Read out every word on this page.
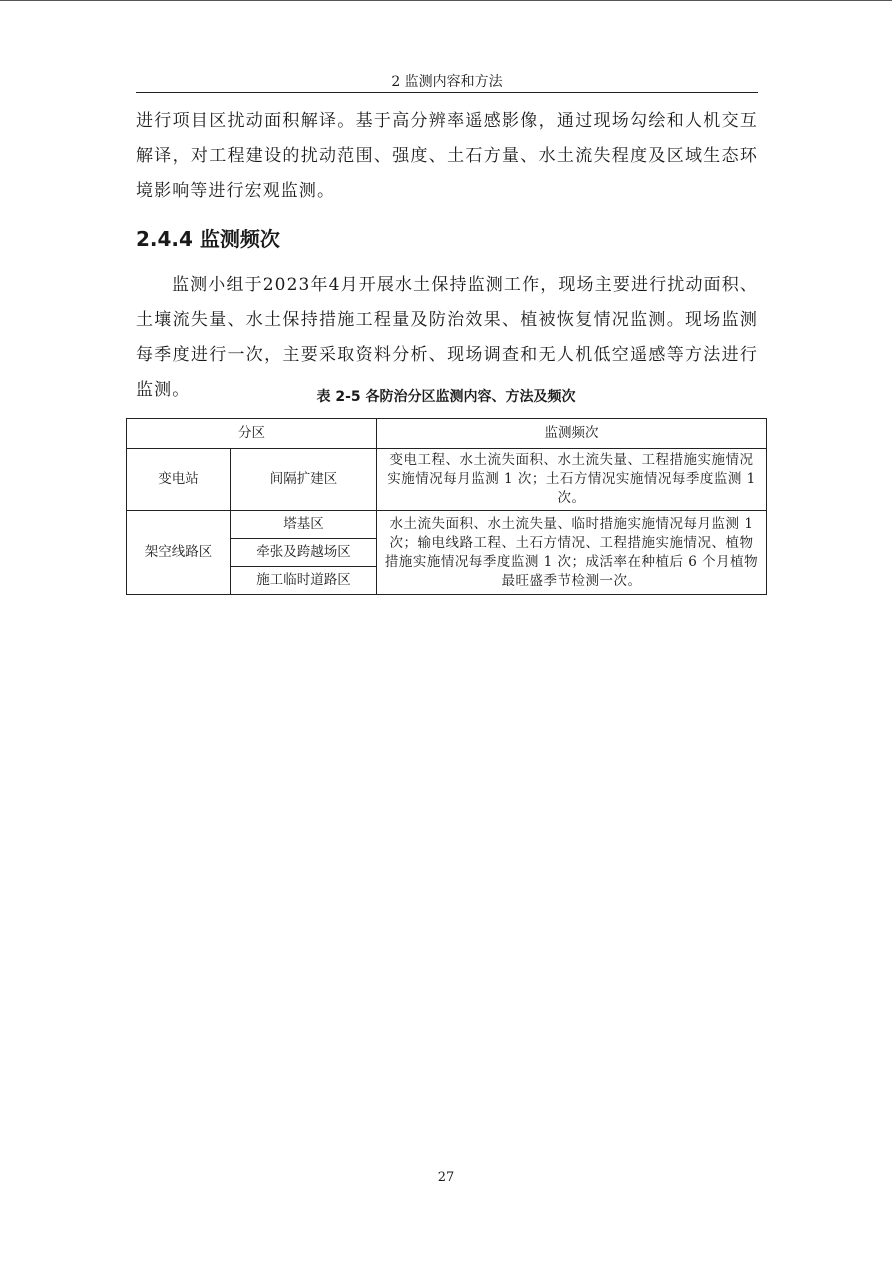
2 监测内容和方法

进行项目区扰动面积解译。基于高分辨率遥感影像，通过现场勾绘和人机交互解译，对工程建设的扰动范围、强度、土石方量、水土流失程度及区域生态环境影响等进行宏观监测。

2.4.4 监测频次

监测小组于2023年4月开展水土保持监测工作，现场主要进行扰动面积、土壤流失量、水土保持措施工程量及防治效果、植被恢复情况监测。现场监测每季度进行一次，主要采取资料分析、现场调查和无人机低空遥感等方法进行监测。	表 2-5 各防治分区监测内容、方法及频次
分区		监测频次
变电站	间隔扩建区	变电工程、水土流失面积、水土流失量、工程措施实施情况实施情况每月监测 1 次；土石方情况实施情况每季度监测 1 次。
架空线路区	塔基区	水土流失面积、水土流失量、临时措施实施情况每月监测 1 次；输电线路工程、土石方情况、工程措施实施情况、植物措施实施情况每季度监测 1 次；成活率在种植后 6 个月植物最旺盛季节检测一次。
	牵张及跨越场区	
	施工临时道路区	
27
